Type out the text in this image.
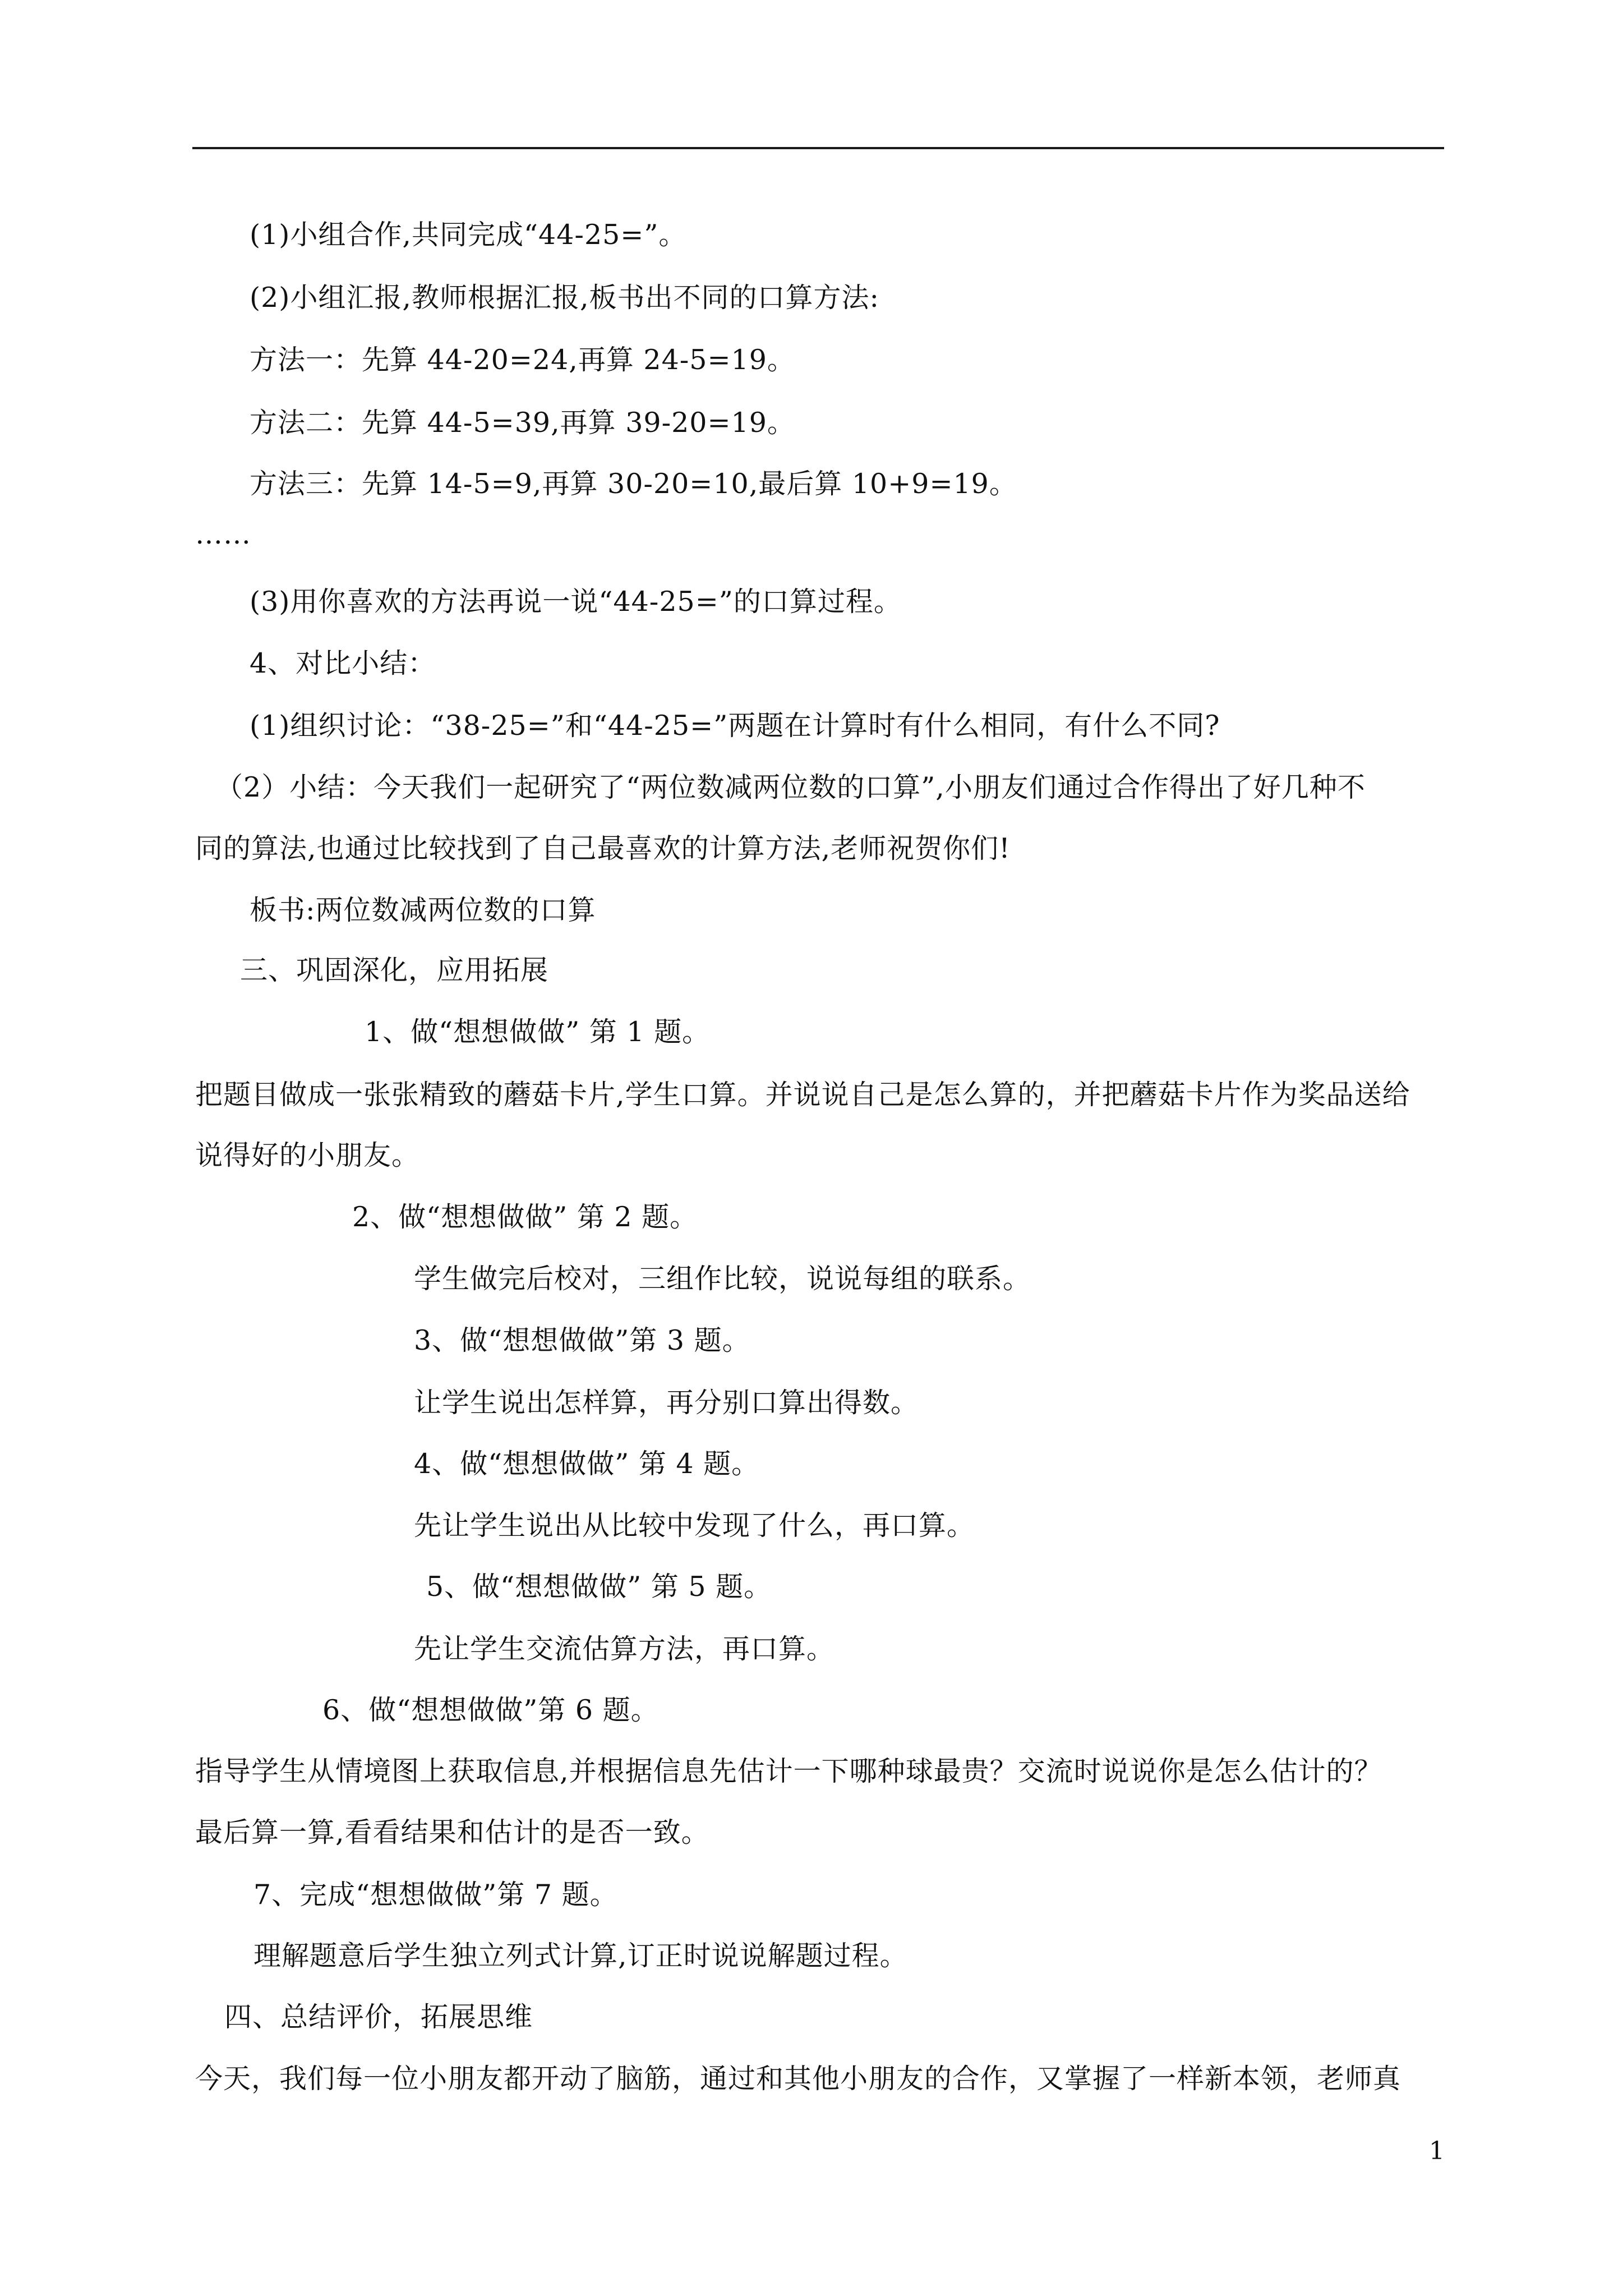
(1)小组合作,共同完成“44-25=”。

(2)小组汇报,教师根据汇报,板书出不同的口算方法:

方法一：先算 44-20=24,再算 24-5=19。

方法二：先算 44-5=39,再算 39-20=19。

方法三：先算 14-5=9,再算 30-20=10,最后算 10+9=19。

……

(3)用你喜欢的方法再说一说“44-25=”的口算过程。

4、对比小结：

(1)组织讨论：“38-25=”和“44-25=”两题在计算时有什么相同，有什么不同?

（2）小结：今天我们一起研究了“两位数减两位数的口算”,小朋友们通过合作得出了好几种不

同的算法,也通过比较找到了自己最喜欢的计算方法,老师祝贺你们!

板书:两位数减两位数的口算

三、巩固深化，应用拓展

1、做“想想做做” 第 1 题。

把题目做成一张张精致的蘑菇卡片,学生口算。并说说自己是怎么算的，并把蘑菇卡片作为奖品送给

说得好的小朋友。

2、做“想想做做” 第 2 题。

学生做完后校对，三组作比较，说说每组的联系。

3、做“想想做做”第 3 题。

让学生说出怎样算，再分别口算出得数。

4、做“想想做做” 第 4 题。

先让学生说出从比较中发现了什么，再口算。

5、做“想想做做” 第 5 题。

先让学生交流估算方法，再口算。

6、做“想想做做”第 6 题。

指导学生从情境图上获取信息,并根据信息先估计一下哪种球最贵？交流时说说你是怎么估计的？

最后算一算,看看结果和估计的是否一致。

7、完成“想想做做”第 7 题。

理解题意后学生独立列式计算,订正时说说解题过程。

四、总结评价，拓展思维

今天，我们每一位小朋友都开动了脑筋，通过和其他小朋友的合作，又掌握了一样新本领，老师真

1
